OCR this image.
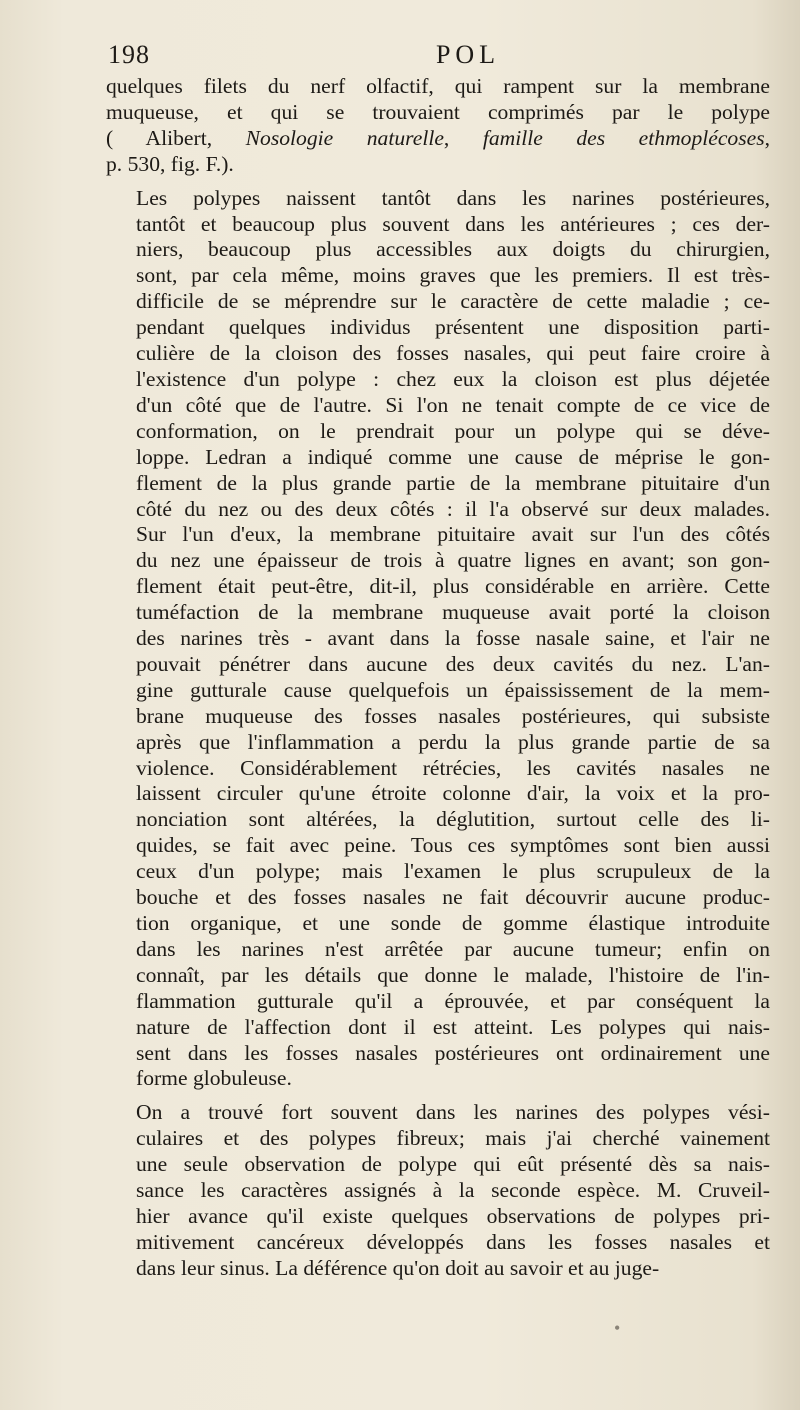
198	POL
quelques filets du nerf olfactif, qui rampent sur la membrane
muqueuse, et qui se trouvaient comprimés par le polype
( Alibert, Nosologie naturelle, famille des ethmoplécoses,
p. 530, fig. F.).
Les polypes naissent tantôt dans les narines postérieures,
tantôt et beaucoup plus souvent dans les antérieures ; ces der-
niers, beaucoup plus accessibles aux doigts du chirurgien,
sont, par cela même, moins graves que les premiers. Il est très-
difficile de se méprendre sur le caractère de cette maladie ; ce-
pendant quelques individus présentent une disposition parti-
culière de la cloison des fosses nasales, qui peut faire croire à
l'existence d'un polype : chez eux la cloison est plus déjetée
d'un côté que de l'autre. Si l'on ne tenait compte de ce vice de
conformation, on le prendrait pour un polype qui se déve-
loppe. Ledran a indiqué comme une cause de méprise le gon-
flement de la plus grande partie de la membrane pituitaire d'un
côté du nez ou des deux côtés : il l'a observé sur deux malades.
Sur l'un d'eux, la membrane pituitaire avait sur l'un des côtés
du nez une épaisseur de trois à quatre lignes en avant; son gon-
flement était peut-être, dit-il, plus considérable en arrière. Cette
tuméfaction de la membrane muqueuse avait porté la cloison
des narines très - avant dans la fosse nasale saine, et l'air ne
pouvait pénétrer dans aucune des deux cavités du nez. L'an-
gine gutturale cause quelquefois un épaississement de la mem-
brane muqueuse des fosses nasales postérieures, qui subsiste
après que l'inflammation a perdu la plus grande partie de sa
violence. Considérablement rétrécies, les cavités nasales ne
laissent circuler qu'une étroite colonne d'air, la voix et la pro-
nonciation sont altérées, la déglutition, surtout celle des li-
quides, se fait avec peine. Tous ces symptômes sont bien aussi
ceux d'un polype; mais l'examen le plus scrupuleux de la
bouche et des fosses nasales ne fait découvrir aucune produc-
tion organique, et une sonde de gomme élastique introduite
dans les narines n'est arrêtée par aucune tumeur; enfin on
connaît, par les détails que donne le malade, l'histoire de l'in-
flammation gutturale qu'il a éprouvée, et par conséquent la
nature de l'affection dont il est atteint. Les polypes qui nais-
sent dans les fosses nasales postérieures ont ordinairement une
forme globuleuse.
On a trouvé fort souvent dans les narines des polypes vési-
culaires et des polypes fibreux; mais j'ai cherché vainement
une seule observation de polype qui eût présenté dès sa nais-
sance les caractères assignés à la seconde espèce. M. Cruveil-
hier avance qu'il existe quelques observations de polypes pri-
mitivement cancéreux développés dans les fosses nasales et
dans leur sinus. La déférence qu'on doit au savoir et au juge-
•
